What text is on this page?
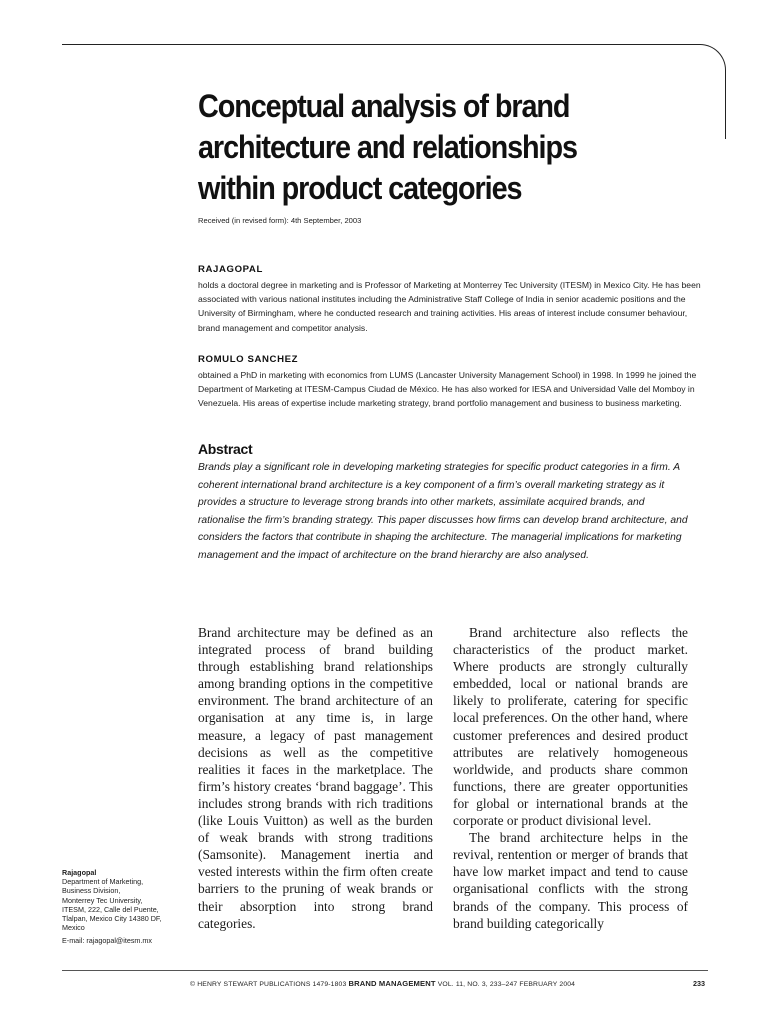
Conceptual analysis of brand architecture and relationships within product categories
Received (in revised form): 4th September, 2003
RAJAGOPAL
holds a doctoral degree in marketing and is Professor of Marketing at Monterrey Tec University (ITESM) in Mexico City. He has been associated with various national institutes including the Administrative Staff College of India in senior academic positions and the University of Birmingham, where he conducted research and training activities. His areas of interest include consumer behaviour, brand management and competitor analysis.
ROMULO SANCHEZ
obtained a PhD in marketing with economics from LUMS (Lancaster University Management School) in 1998. In 1999 he joined the Department of Marketing at ITESM-Campus Ciudad de México. He has also worked for IESA and Universidad Valle del Momboy in Venezuela. His areas of expertise include marketing strategy, brand portfolio management and business to business marketing.
Abstract
Brands play a significant role in developing marketing strategies for specific product categories in a firm. A coherent international brand architecture is a key component of a firm’s overall marketing strategy as it provides a structure to leverage strong brands into other markets, assimilate acquired brands, and rationalise the firm’s branding strategy. This paper discusses how firms can develop brand architecture, and considers the factors that contribute in shaping the architecture. The managerial implications for marketing management and the impact of architecture on the brand hierarchy are also analysed.

Brand architecture may be defined as an integrated process of brand building through establishing brand relationships among branding options in the competitive environment. The brand architecture of an organisation at any time is, in large measure, a legacy of past management decisions as well as the competitive realities it faces in the marketplace. The firm’s history creates ‘brand baggage’. This includes strong brands with rich traditions (like Louis Vuitton) as well as the burden of weak brands with strong traditions (Samsonite). Management inertia and vested interests within the firm often create barriers to the pruning of weak brands or their absorption into strong brand categories.

Brand architecture also reflects the characteristics of the product market. Where products are strongly culturally embedded, local or national brands are likely to proliferate, catering for specific local preferences. On the other hand, where customer preferences and desired product attributes are relatively homogeneous worldwide, and products share common functions, there are greater opportunities for global or international brands at the corporate or product divisional level.

The brand architecture helps in the revival, rentention or merger of brands that have low market impact and tend to cause organisational conflicts with the strong brands of the company. This process of brand building categorically

Rajagopal
Department of Marketing,
Business Division,
Monterrey Tec University,
ITESM, 222, Calle del Puente,
Tlalpan, Mexico City 14380 DF,
Mexico
E-mail: rajagopal@itesm.mx
© HENRY STEWART PUBLICATIONS 1479-1803 BRAND MANAGEMENT VOL. 11, NO. 3, 233–247 FEBRUARY 2004	233
